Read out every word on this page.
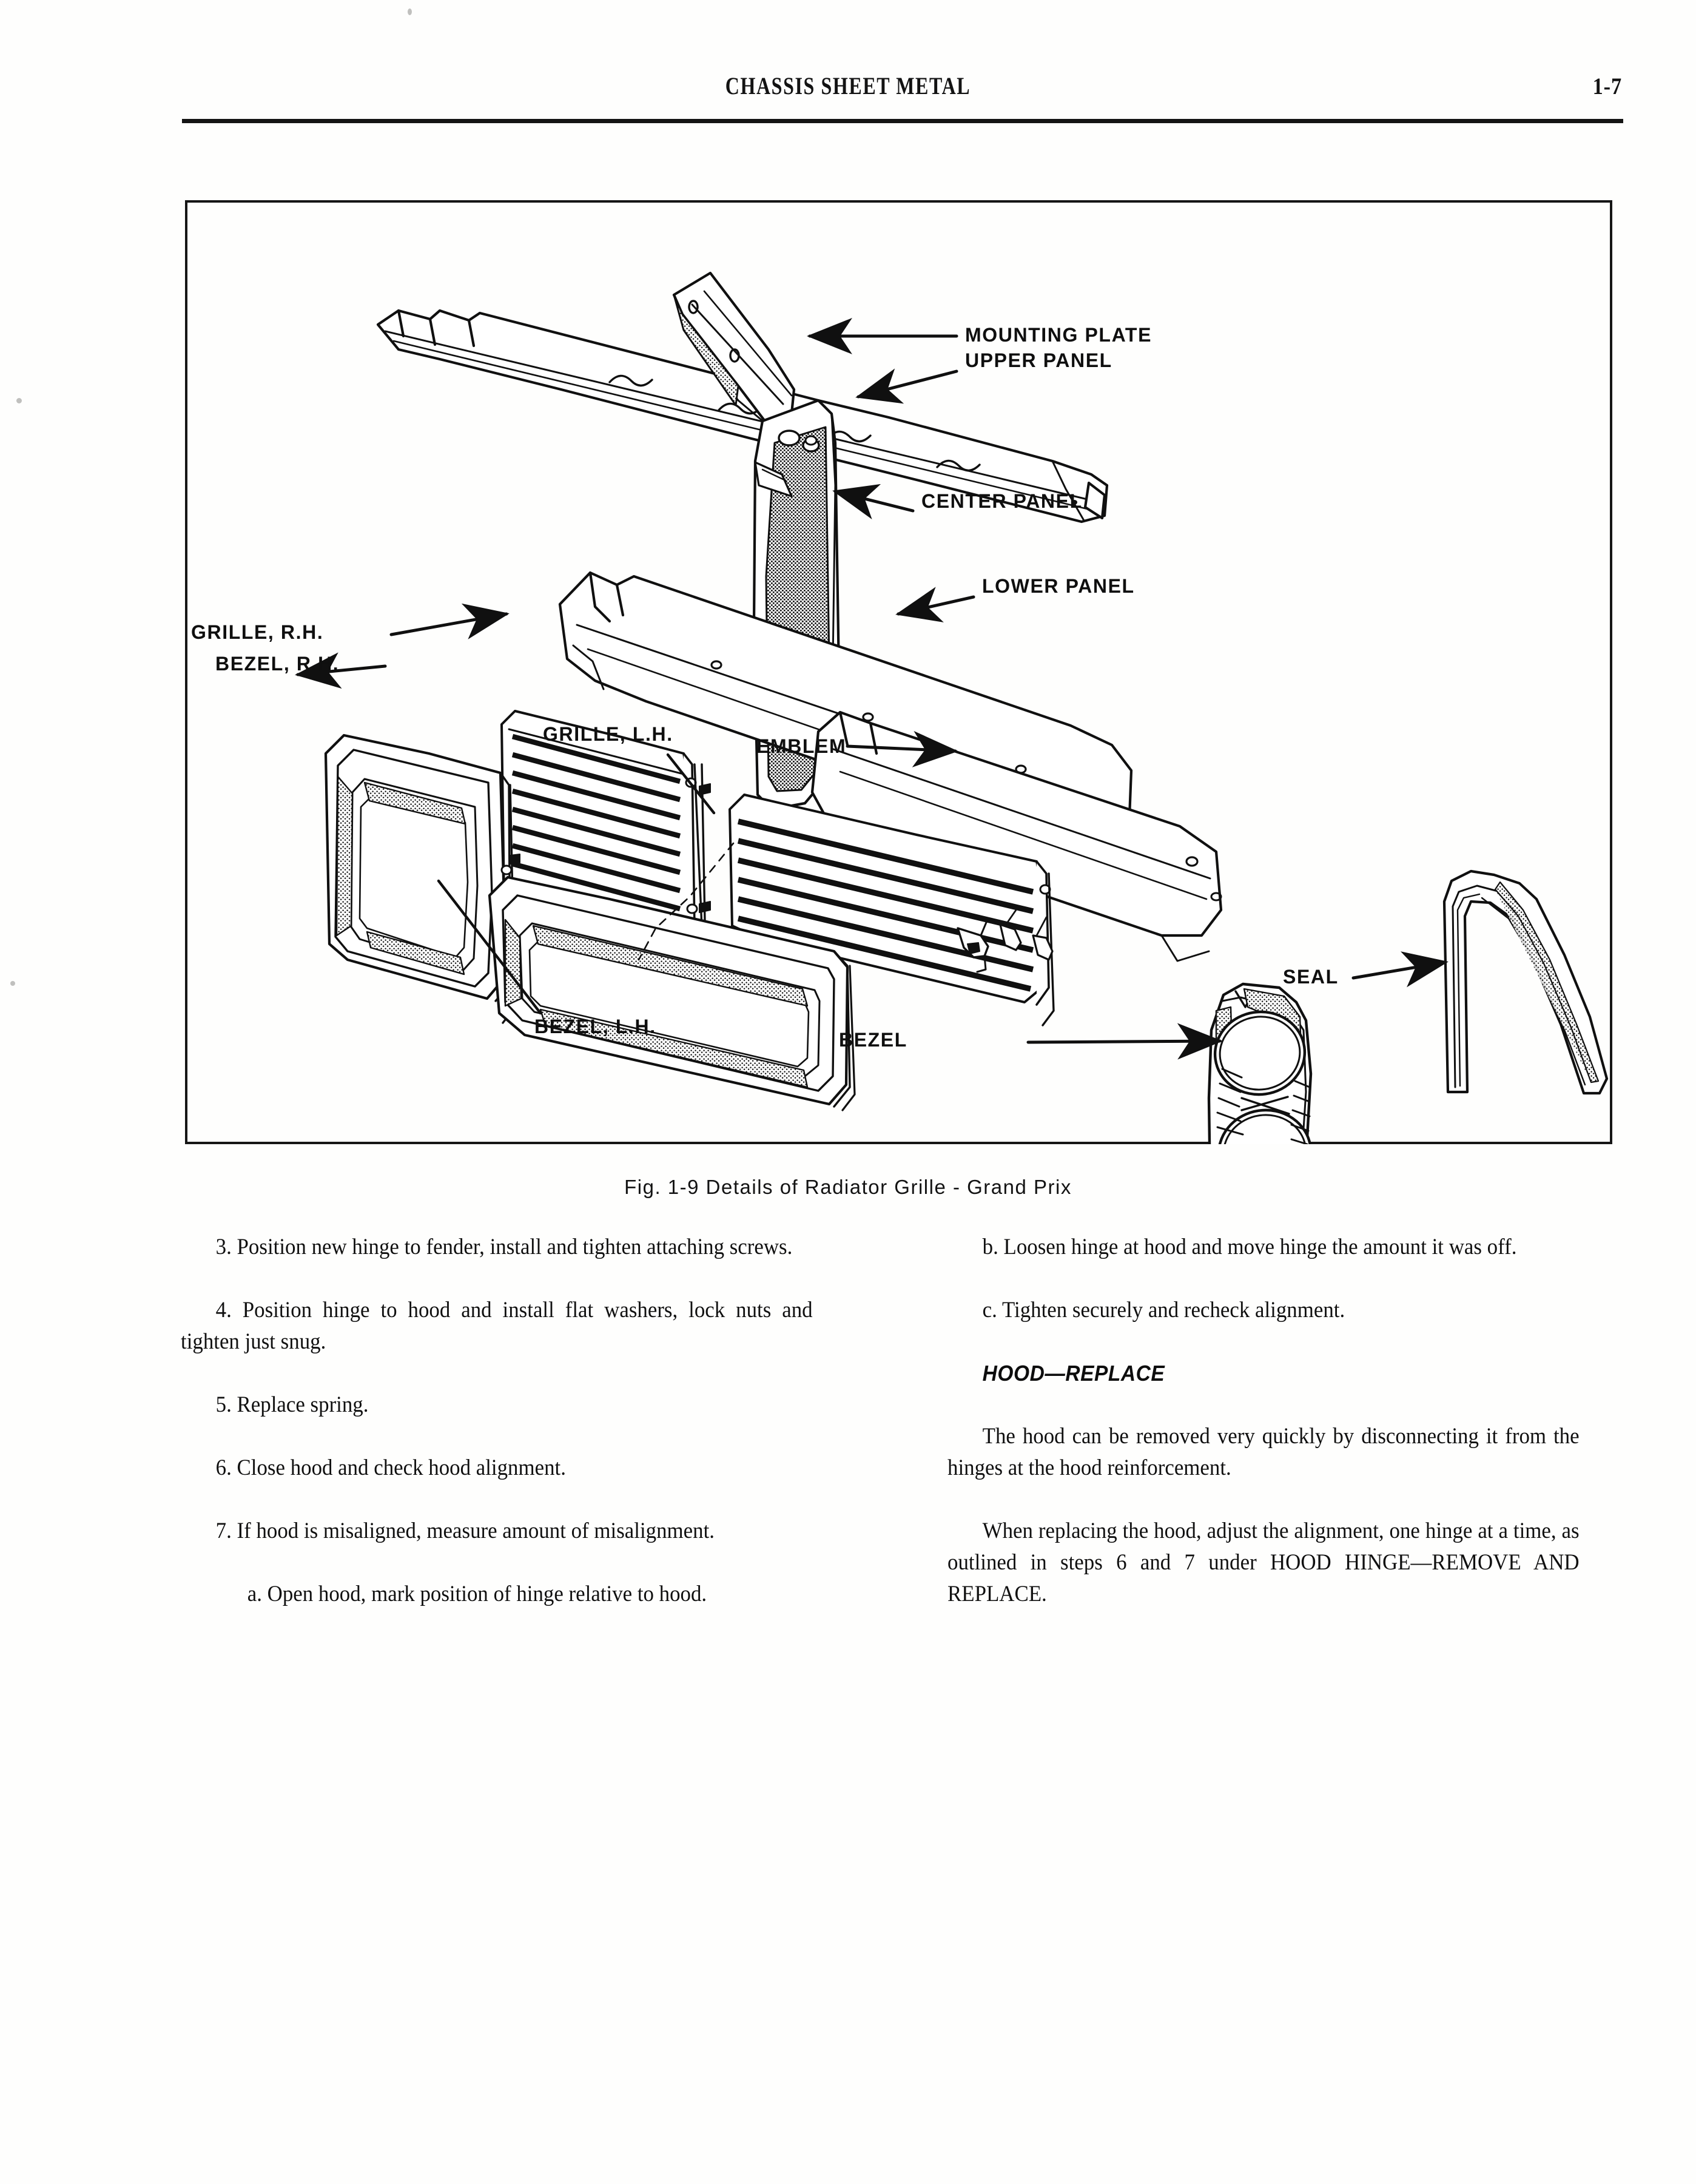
CHASSIS SHEET METAL	1-7
MOUNTING PLATE
UPPER PANEL
CENTER PANEL
LOWER PANEL
GRILLE, R.H.
BEZEL, R.H.
GRILLE, L.H.
EMBLEM
BEZEL, L.H.
BEZEL
SEAL
Fig. 1-9 Details of Radiator Grille - Grand Prix

3. Position new hinge to fender, install and tighten attaching screws.

4. Position hinge to hood and install flat washers, lock nuts and tighten just snug.

5. Replace spring.

6. Close hood and check hood alignment.

7. If hood is misaligned, measure amount of misalignment.

a. Open hood, mark position of hinge relative to hood.

b. Loosen hinge at hood and move hinge the amount it was off.

c. Tighten securely and recheck alignment.

HOOD—REPLACE

The hood can be removed very quickly by disconnecting it from the hinges at the hood reinforcement.

When replacing the hood, adjust the alignment, one hinge at a time, as outlined in steps 6 and 7 under HOOD HINGE—REMOVE AND REPLACE.
